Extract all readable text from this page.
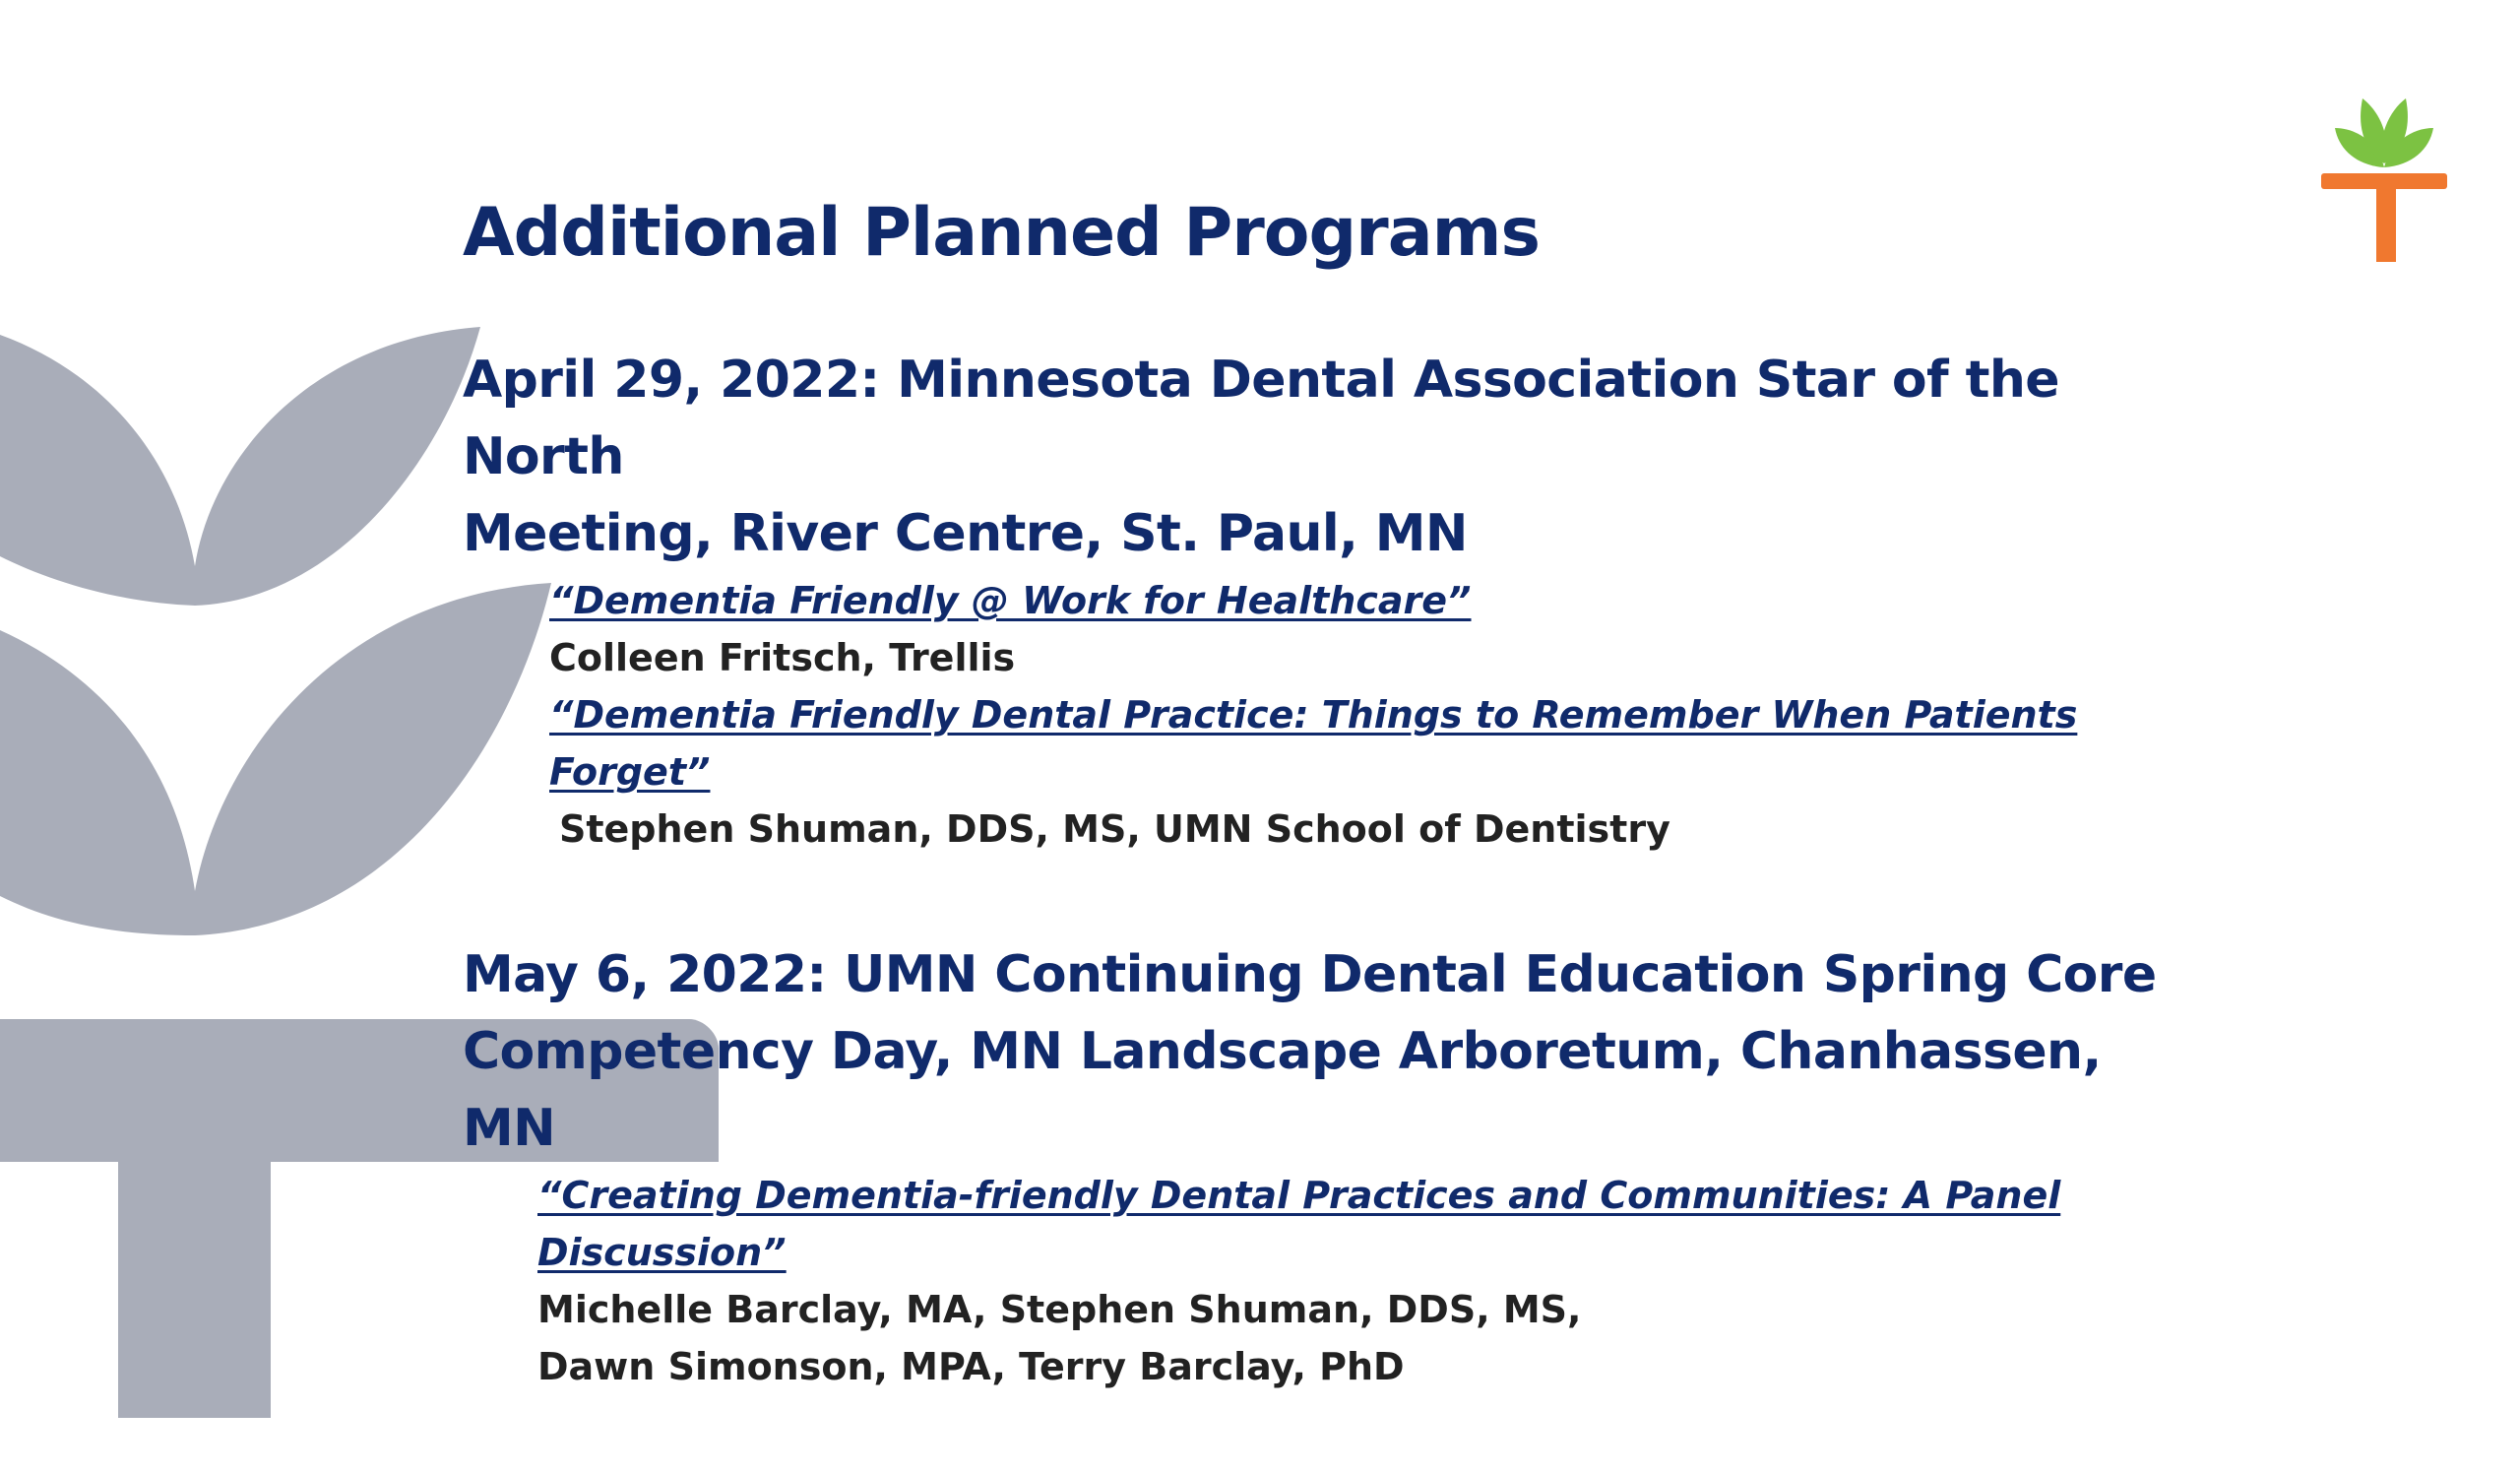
Additional Planned Programs

April 29, 2022: Minnesota Dental Association Star of the North

Meeting, River Centre, St. Paul, MN

“Dementia Friendly @ Work for Healthcare”
Colleen Fritsch, Trellis
“Dementia Friendly Dental Practice: Things to Remember When Patients Forget”
Stephen Shuman, DDS, MS, UMN School of Dentistry

May 6, 2022: UMN Continuing Dental Education Spring Core

Competency Day, MN Landscape Arboretum, Chanhassen, MN

“Creating Dementia-friendly Dental Practices and Communities: A Panel
Discussion”
Michelle Barclay, MA, Stephen Shuman, DDS, MS,
Dawn Simonson, MPA, Terry Barclay, PhD
